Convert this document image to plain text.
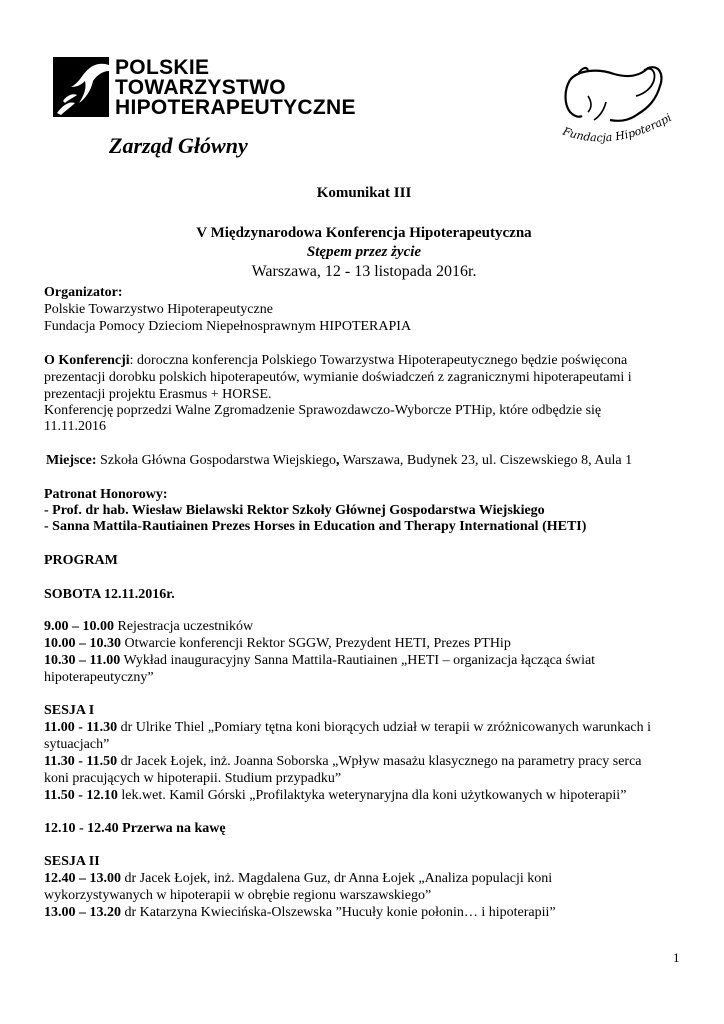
POLSKIE
TOWARZYSTWO
HIPOTERAPEUTYCZNE
Zarząd Główny
Fundacja Hipoterapi
Komunikat III
V Międzynarodowa Konferencja Hipoterapeutyczna
Stępem przez życie
Warszawa, 12 - 13 listopada 2016r.
Organizator:
Polskie Towarzystwo Hipoterapeutyczne
Fundacja Pomocy Dzieciom Niepełnosprawnym HIPOTERAPIA
O Konferencji: doroczna konferencja Polskiego Towarzystwa Hipoterapeutycznego będzie poświęcona
prezentacji dorobku polskich hipoterapeutów, wymianie doświadczeń z zagranicznymi hipoterapeutami i
prezentacji projektu Erasmus + HORSE.
Konferencję poprzedzi Walne Zgromadzenie Sprawozdawczo-Wyborcze PTHip, które odbędzie się
11.11.2016
Miejsce: Szkoła Główna Gospodarstwa Wiejskiego, Warszawa, Budynek 23, ul. Ciszewskiego 8, Aula 1
Patronat Honorowy:
- Prof. dr hab. Wiesław Bielawski Rektor Szkoły Głównej Gospodarstwa Wiejskiego
- Sanna Mattila-Rautiainen Prezes Horses in Education and Therapy International (HETI)
PROGRAM
SOBOTA 12.11.2016r.
9.00 – 10.00 Rejestracja uczestników
10.00 – 10.30 Otwarcie konferencji Rektor SGGW, Prezydent HETI, Prezes PTHip
10.30 – 11.00 Wykład inauguracyjny Sanna Mattila-Rautiainen „HETI – organizacja łącząca świat
hipoterapeutyczny”
SESJA I
11.00 - 11.30 dr Ulrike Thiel „Pomiary tętna koni biorących udział w terapii w zróżnicowanych warunkach i
sytuacjach”
11.30 - 11.50 dr Jacek Łojek, inż. Joanna Soborska „Wpływ masażu klasycznego na parametry pracy serca
koni pracujących w hipoterapii. Studium przypadku”
11.50 - 12.10 lek.wet. Kamil Górski „Profilaktyka weterynaryjna dla koni użytkowanych w hipoterapii”
12.10 - 12.40 Przerwa na kawę
SESJA II
12.40 – 13.00 dr Jacek Łojek, inż. Magdalena Guz, dr Anna Łojek „Analiza populacji koni
wykorzystywanych w hipoterapii w obrębie regionu warszawskiego”
13.00 – 13.20 dr Katarzyna Kwiecińska-Olszewska ”Hucuły konie połonin… i hipoterapii”
1
